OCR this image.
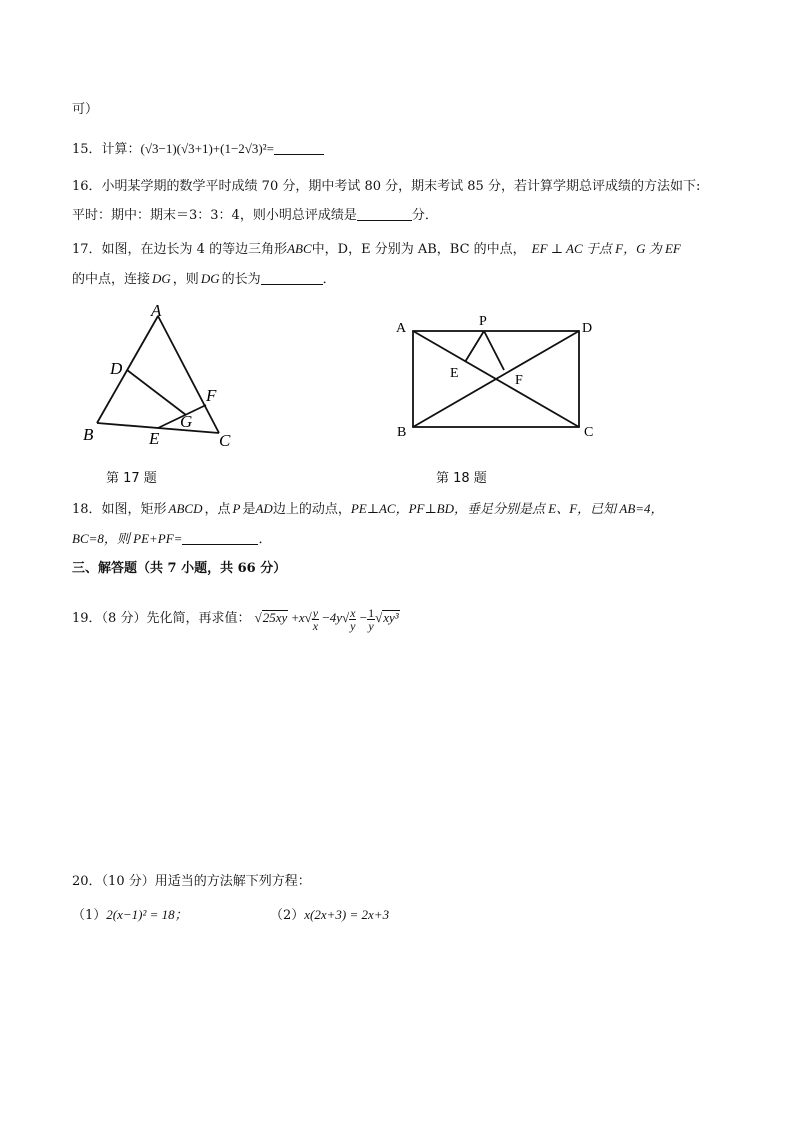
可）
15．计算：(√3−1)(√3+1)+(1−2√3)²=
16．小明某学期的数学平时成绩 70 分，期中考试 80 分，期末考试 85 分，若计算学期总评成绩的方法如下:
平时：期中：期末＝3：3：4，则小明总评成绩是	分．
17．如图，在边长为 4 的等边三角形ABC中，D，E 分别为 AB，BC 的中点， EF ⊥ AC 于点 F，G 为 EF
的中点，连接 DG ，则 DG 的长为	．
A
D
F
G
B	E	C
第 17 题
A	P	D
E	F
B	C
第 18 题
18．如图，矩形 ABCD ，点 P 是AD边上的动点，PE⊥AC，PF⊥BD，垂足分别是点 E、F，已知 AB=4，
BC=8，则 PE+PF=	．
三、解答题（共 7 小题，共 66 分）
19．（8 分）先化简，再求值： $√25xy +x√ \frac{y}{x} -4y√ \frac{x}{y} - \frac{1}{y} √xy^3$
20．（10 分）用适当的方法解下列方程：
（1）2(x−1)² = 18；	（2）x(2x+3) = 2x+3
